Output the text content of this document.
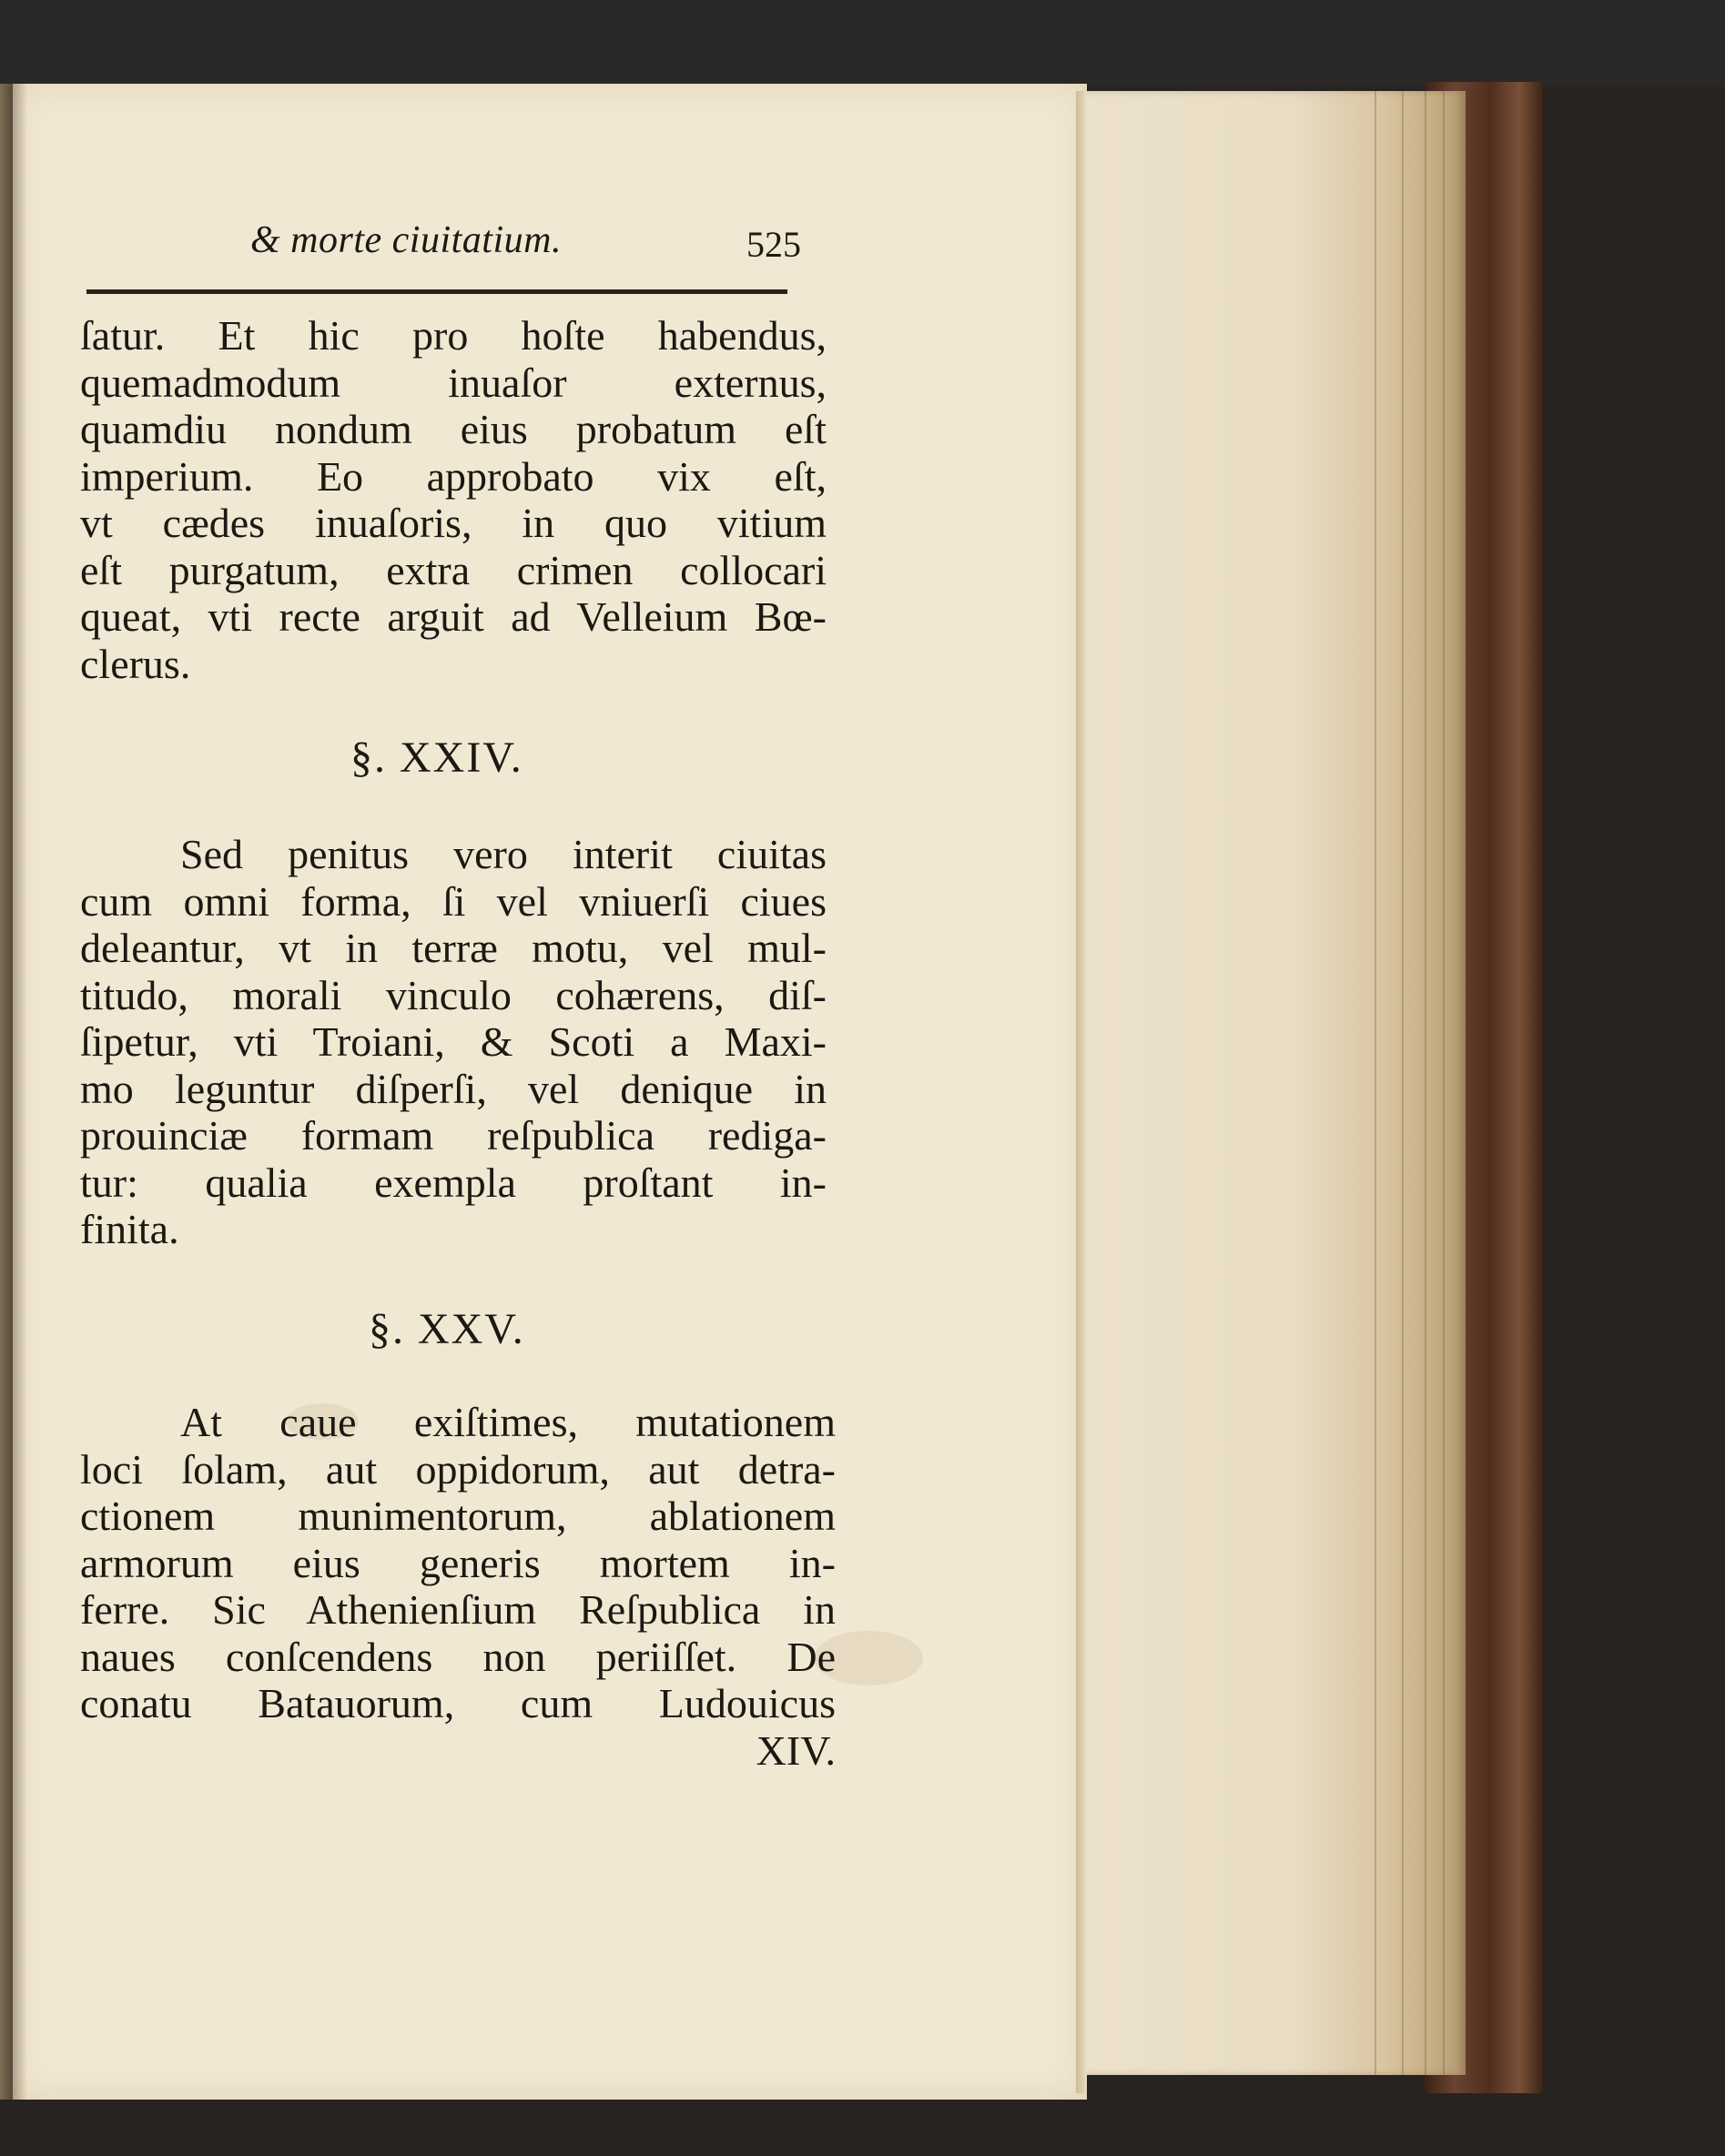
& morte ciuitatium.	525
ſatur. Et hic pro hoſte habendus,
quemadmodum inuaſor externus,
quamdiu nondum eius probatum eſt
imperium. Eo approbato vix eſt,
vt cædes inuaſoris, in quo vitium
eſt purgatum, extra crimen collocari
queat, vti recte arguit ad Velleium Bœ-
clerus.
§. XXIV.
Sed penitus vero interit ciuitas
cum omni forma, ſi vel vniuerſi ciues
deleantur, vt in terræ motu, vel mul-
titudo, morali vinculo cohærens, diſ-
ſipetur, vti Troiani, & Scoti a Maxi-
mo leguntur diſperſi, vel denique in
prouinciæ formam reſpublica rediga-
tur: qualia exempla proſtant in-
finita.
§. XXV.
At caue exiſtimes, mutationem
loci ſolam, aut oppidorum, aut detra-
ctionem munimentorum, ablationem
armorum eius generis mortem in-
ferre. Sic Athenienſium Reſpublica in
naues conſcendens non periiſſet. De
conatu Batauorum, cum Ludouicus
XIV.
